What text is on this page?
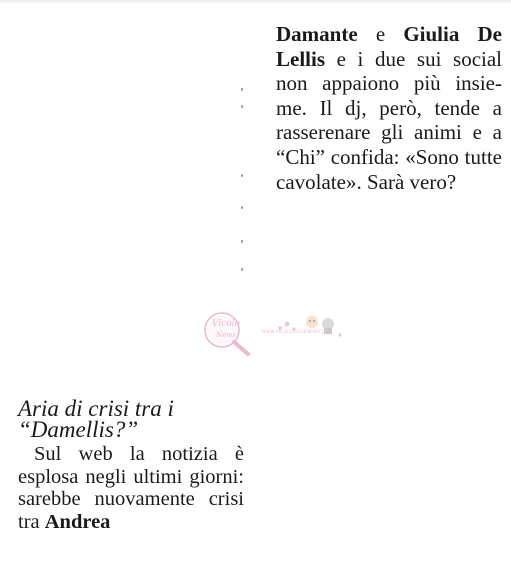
Damante e Giulia De Lellis e i due sui social non appaiono più insie-me. Il dj, però, tende a rasserenare gli animi e a “Chi” confida: «Sono tutte cavolate». Sarà vero?

Vicolo
News	WWW.VICOLODELLENEWS.COM
Aria di crisi tra i
“Damellis?”

Sul web la notizia è esplosa negli ultimi giorni: sarebbe nuovamente crisi tra Andrea
